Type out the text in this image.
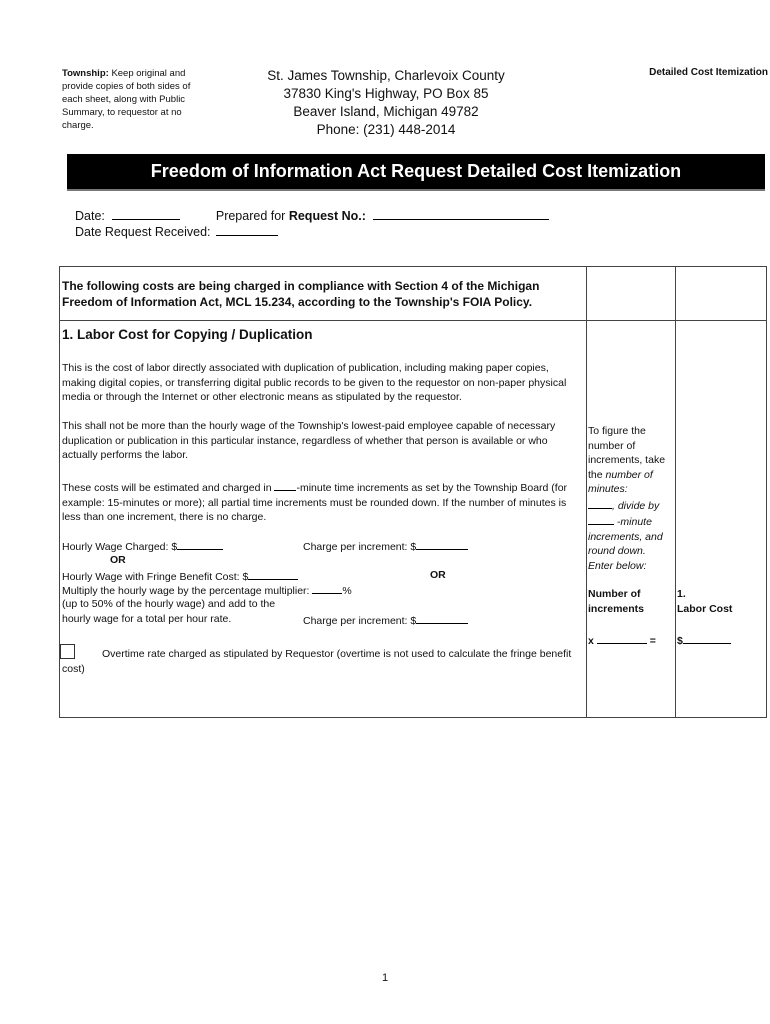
Township: Keep original and provide copies of both sides of each sheet, along with Public Summary, to requestor at no charge.
St. James Township, Charlevoix County
37830 King's Highway, PO Box 85
Beaver Island, Michigan 49782
Phone: (231) 448-2014
Detailed Cost Itemization
Freedom of Information Act Request Detailed Cost Itemization
Date:	Prepared for Request No.:
Date Request Received:
The following costs are being charged in compliance with Section 4 of the Michigan Freedom of Information Act, MCL 15.234, according to the Township's FOIA Policy.
1. Labor Cost for Copying / Duplication
This is the cost of labor directly associated with duplication of publication, including making paper copies, making digital copies, or transferring digital public records to be given to the requestor on non-paper physical media or through the Internet or other electronic means as stipulated by the requestor.
This shall not be more than the hourly wage of the Township's lowest-paid employee capable of necessary duplication or publication in this particular instance, regardless of whether that person is available or who actually performs the labor.
These costs will be estimated and charged in -minute time increments as set by the Township Board (for example: 15-minutes or more); all partial time increments must be rounded down. If the number of minutes is less than one increment, there is no charge.
Hourly Wage Charged: $	Charge per increment: $
OR
Hourly Wage with Fringe Benefit Cost: $	OR
Multiply the hourly wage by the percentage multiplier:	%
(up to 50% of the hourly wage) and add to the
hourly wage for a total per hour rate.	Charge per increment: $
Overtime rate charged as stipulated by Requestor (overtime is not used to calculate the fringe benefit cost)
To figure the
number of
increments, take
the number of
minutes:
, divide by
-minute
increments, and
round down.
Enter below:
Number of
increments
x	=
1.
Labor Cost
$
1
